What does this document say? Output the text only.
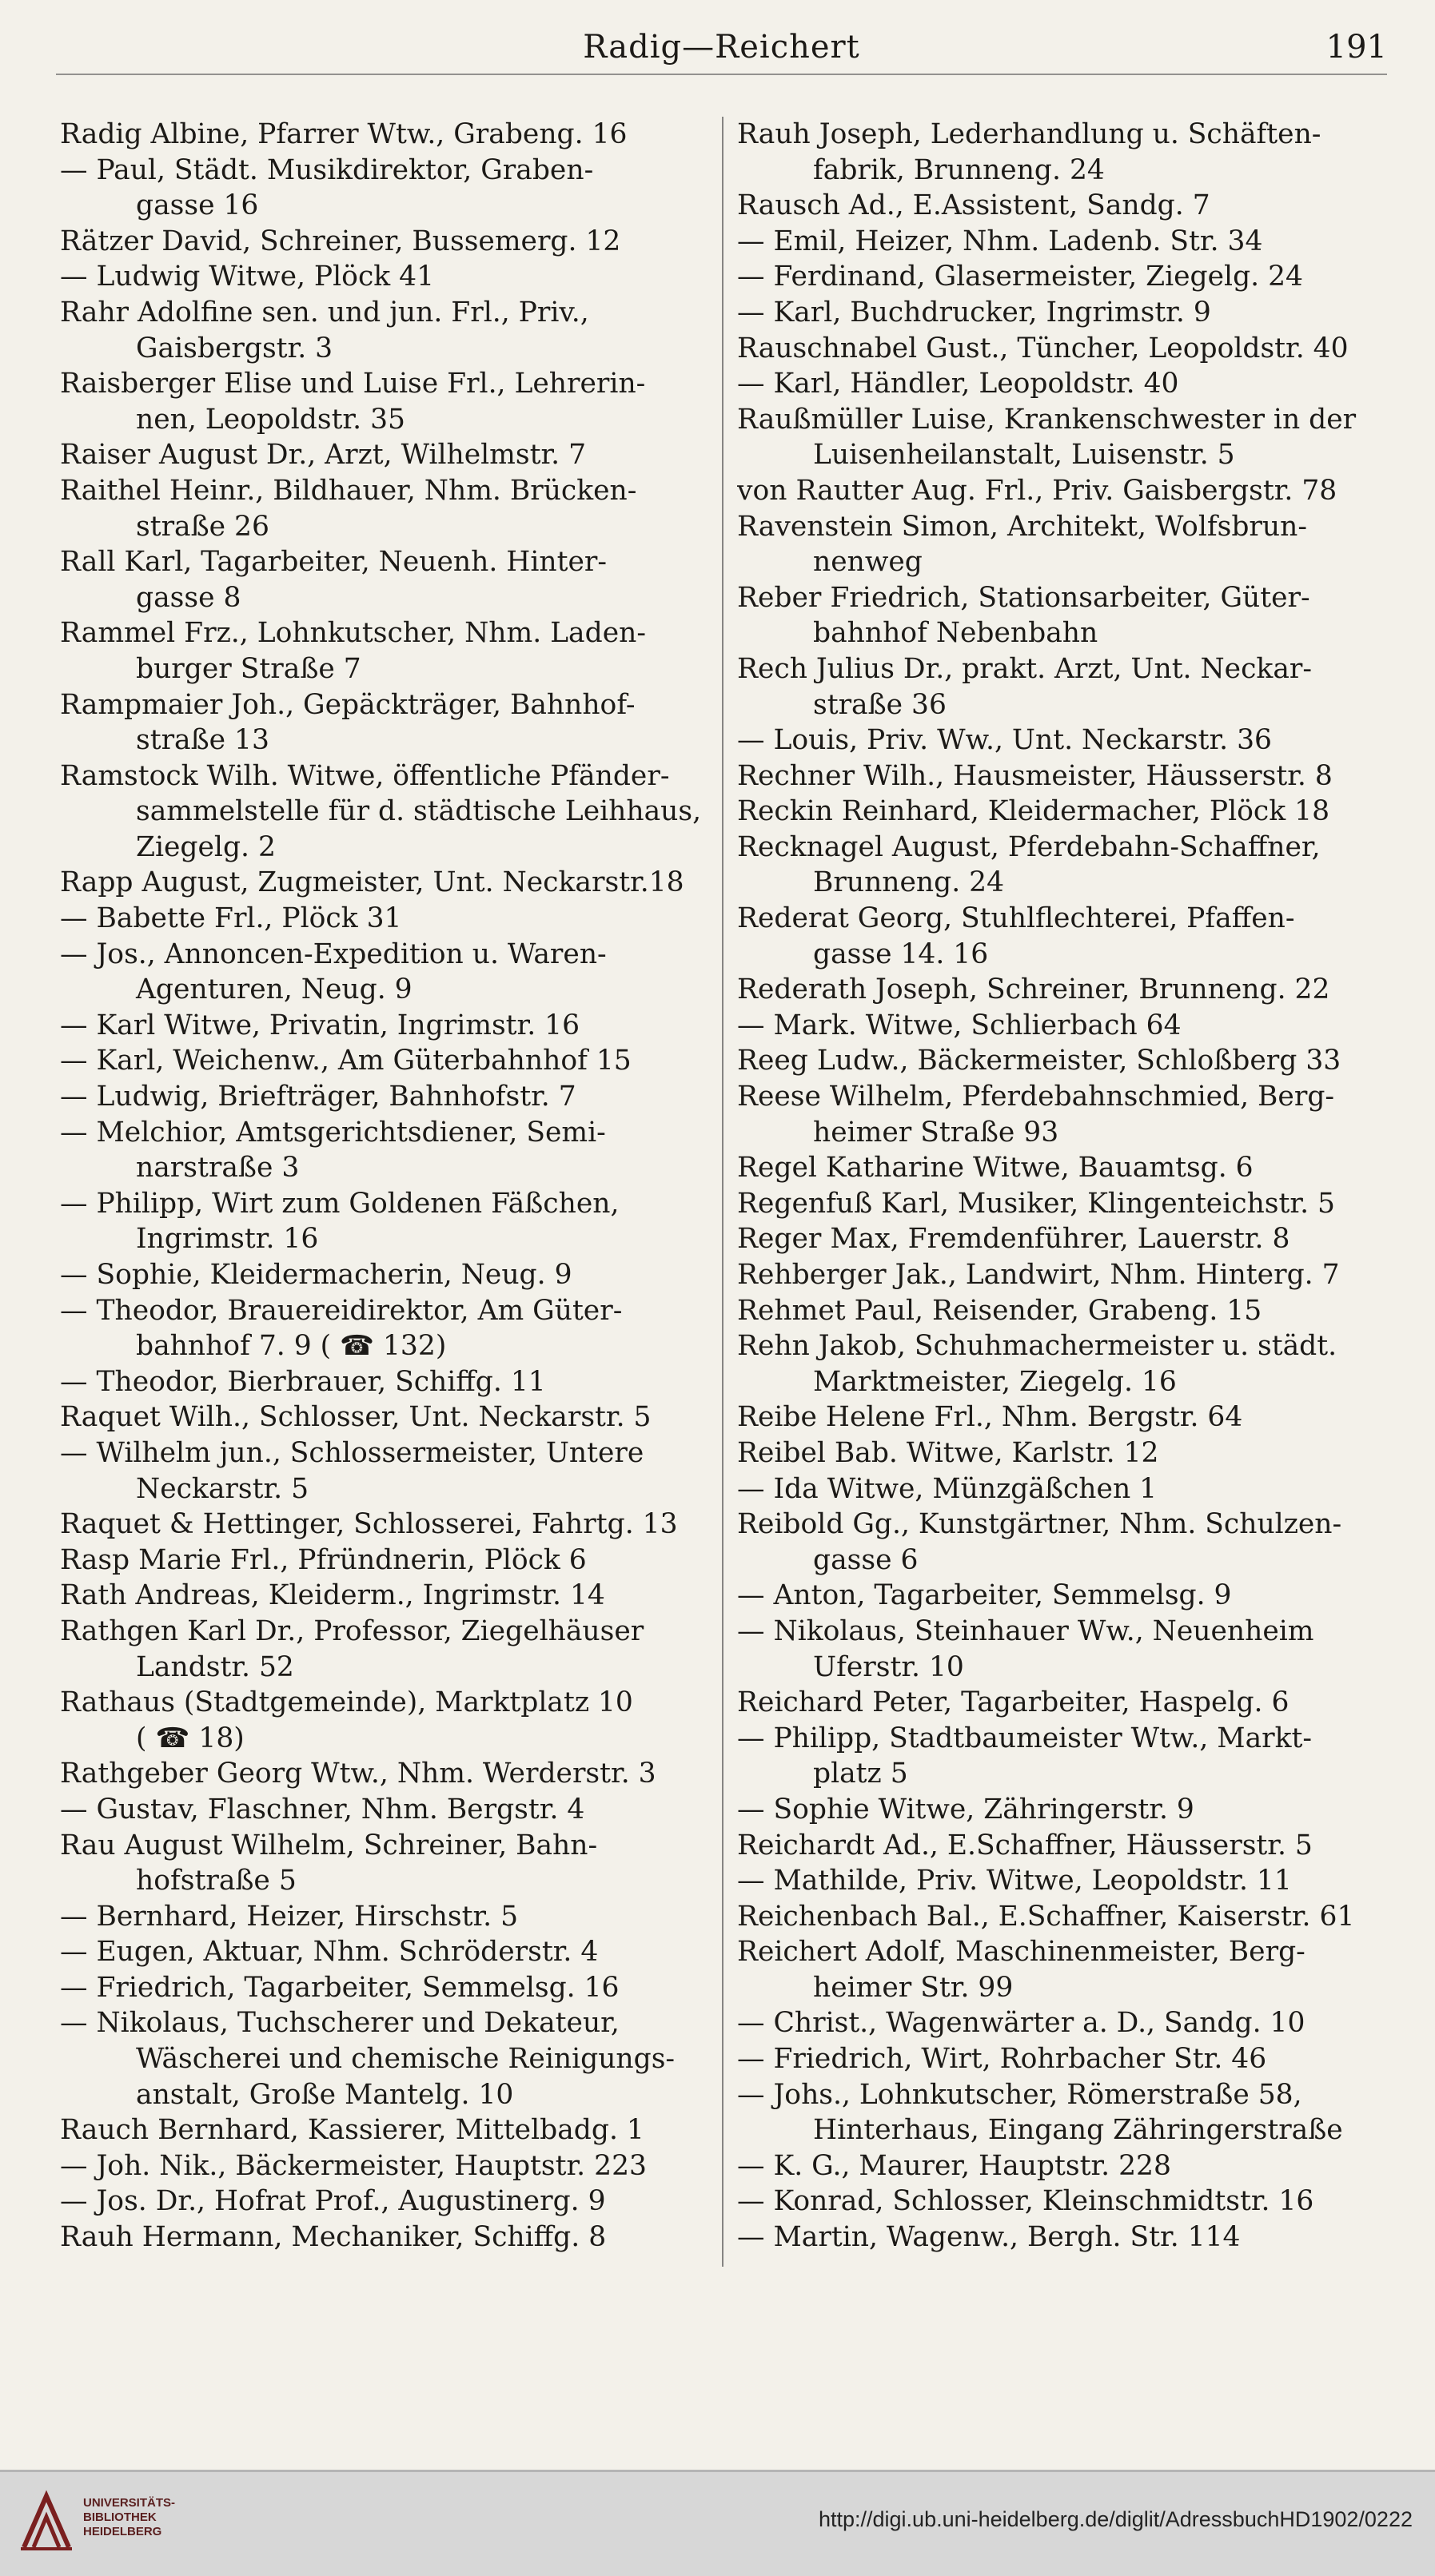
Radig—Reichert	191
Radig Albine, Pfarrer Wtw., Grabeng. 16
— Paul, Städt. Musikdirektor, Graben-
gasse 16
Rätzer David, Schreiner, Bussemerg. 12
— Ludwig Witwe, Plöck 41
Rahr Adolfine sen. und jun. Frl., Priv.,
Gaisbergstr. 3
Raisberger Elise und Luise Frl., Lehrerin-
nen, Leopoldstr. 35
Raiser August Dr., Arzt, Wilhelmstr. 7
Raithel Heinr., Bildhauer, Nhm. Brücken-
straße 26
Rall Karl, Tagarbeiter, Neuenh. Hinter-
gasse 8
Rammel Frz., Lohnkutscher, Nhm. Laden-
burger Straße 7
Rampmaier Joh., Gepäckträger, Bahnhof-
straße 13
Ramstock Wilh. Witwe, öffentliche Pfänder-
sammelstelle für d. städtische Leihhaus,
Ziegelg. 2
Rapp August, Zugmeister, Unt. Neckarstr.18
— Babette Frl., Plöck 31
— Jos., Annoncen-Expedition u. Waren-
Agenturen, Neug. 9
— Karl Witwe, Privatin, Ingrimstr. 16
— Karl, Weichenw., Am Güterbahnhof 15
— Ludwig, Briefträger, Bahnhofstr. 7
— Melchior, Amtsgerichtsdiener, Semi-
narstraße 3
— Philipp, Wirt zum Goldenen Fäßchen,
Ingrimstr. 16
— Sophie, Kleidermacherin, Neug. 9
— Theodor, Brauereidirektor, Am Güter-
bahnhof 7. 9 ( ☎ 132)
— Theodor, Bierbrauer, Schiffg. 11
Raquet Wilh., Schlosser, Unt. Neckarstr. 5
— Wilhelm jun., Schlossermeister, Untere
Neckarstr. 5
Raquet & Hettinger, Schlosserei, Fahrtg. 13
Rasp Marie Frl., Pfründnerin, Plöck 6
Rath Andreas, Kleiderm., Ingrimstr. 14
Rathgen Karl Dr., Professor, Ziegelhäuser
Landstr. 52
Rathaus (Stadtgemeinde), Marktplatz 10
( ☎ 18)
Rathgeber Georg Wtw., Nhm. Werderstr. 3
— Gustav, Flaschner, Nhm. Bergstr. 4
Rau August Wilhelm, Schreiner, Bahn-
hofstraße 5
— Bernhard, Heizer, Hirschstr. 5
— Eugen, Aktuar, Nhm. Schröderstr. 4
— Friedrich, Tagarbeiter, Semmelsg. 16
— Nikolaus, Tuchscherer und Dekateur,
Wäscherei und chemische Reinigungs-
anstalt, Große Mantelg. 10
Rauch Bernhard, Kassierer, Mittelbadg. 1
— Joh. Nik., Bäckermeister, Hauptstr. 223
— Jos. Dr., Hofrat Prof., Augustinerg. 9
Rauh Hermann, Mechaniker, Schiffg. 8
Rauh Joseph, Lederhandlung u. Schäften-
fabrik, Brunneng. 24
Rausch Ad., E.Assistent, Sandg. 7
— Emil, Heizer, Nhm. Ladenb. Str. 34
— Ferdinand, Glasermeister, Ziegelg. 24
— Karl, Buchdrucker, Ingrimstr. 9
Rauschnabel Gust., Tüncher, Leopoldstr. 40
— Karl, Händler, Leopoldstr. 40
Raußmüller Luise, Krankenschwester in der
Luisenheilanstalt, Luisenstr. 5
von Rautter Aug. Frl., Priv. Gaisbergstr. 78
Ravenstein Simon, Architekt, Wolfsbrun-
nenweg
Reber Friedrich, Stationsarbeiter, Güter-
bahnhof Nebenbahn
Rech Julius Dr., prakt. Arzt, Unt. Neckar-
straße 36
— Louis, Priv. Ww., Unt. Neckarstr. 36
Rechner Wilh., Hausmeister, Häusserstr. 8
Reckin Reinhard, Kleidermacher, Plöck 18
Recknagel August, Pferdebahn-Schaffner,
Brunneng. 24
Rederat Georg, Stuhlflechterei, Pfaffen-
gasse 14. 16
Rederath Joseph, Schreiner, Brunneng. 22
— Mark. Witwe, Schlierbach 64
Reeg Ludw., Bäckermeister, Schloßberg 33
Reese Wilhelm, Pferdebahnschmied, Berg-
heimer Straße 93
Regel Katharine Witwe, Bauamtsg. 6
Regenfuß Karl, Musiker, Klingenteichstr. 5
Reger Max, Fremdenführer, Lauerstr. 8
Rehberger Jak., Landwirt, Nhm. Hinterg. 7
Rehmet Paul, Reisender, Grabeng. 15
Rehn Jakob, Schuhmachermeister u. städt.
Marktmeister, Ziegelg. 16
Reibe Helene Frl., Nhm. Bergstr. 64
Reibel Bab. Witwe, Karlstr. 12
— Ida Witwe, Münzgäßchen 1
Reibold Gg., Kunstgärtner, Nhm. Schulzen-
gasse 6
— Anton, Tagarbeiter, Semmelsg. 9
— Nikolaus, Steinhauer Ww., Neuenheim
Uferstr. 10
Reichard Peter, Tagarbeiter, Haspelg. 6
— Philipp, Stadtbaumeister Wtw., Markt-
platz 5
— Sophie Witwe, Zähringerstr. 9
Reichardt Ad., E.Schaffner, Häusserstr. 5
— Mathilde, Priv. Witwe, Leopoldstr. 11
Reichenbach Bal., E.Schaffner, Kaiserstr. 61
Reichert Adolf, Maschinenmeister, Berg-
heimer Str. 99
— Christ., Wagenwärter a. D., Sandg. 10
— Friedrich, Wirt, Rohrbacher Str. 46
— Johs., Lohnkutscher, Römerstraße 58,
Hinterhaus, Eingang Zähringerstraße
— K. G., Maurer, Hauptstr. 228
— Konrad, Schlosser, Kleinschmidtstr. 16
— Martin, Wagenw., Bergh. Str. 114
UNIVERSITÄTS-
BIBLIOTHEK
HEIDELBERG
http://digi.ub.uni-heidelberg.de/diglit/AdressbuchHD1902/0222
